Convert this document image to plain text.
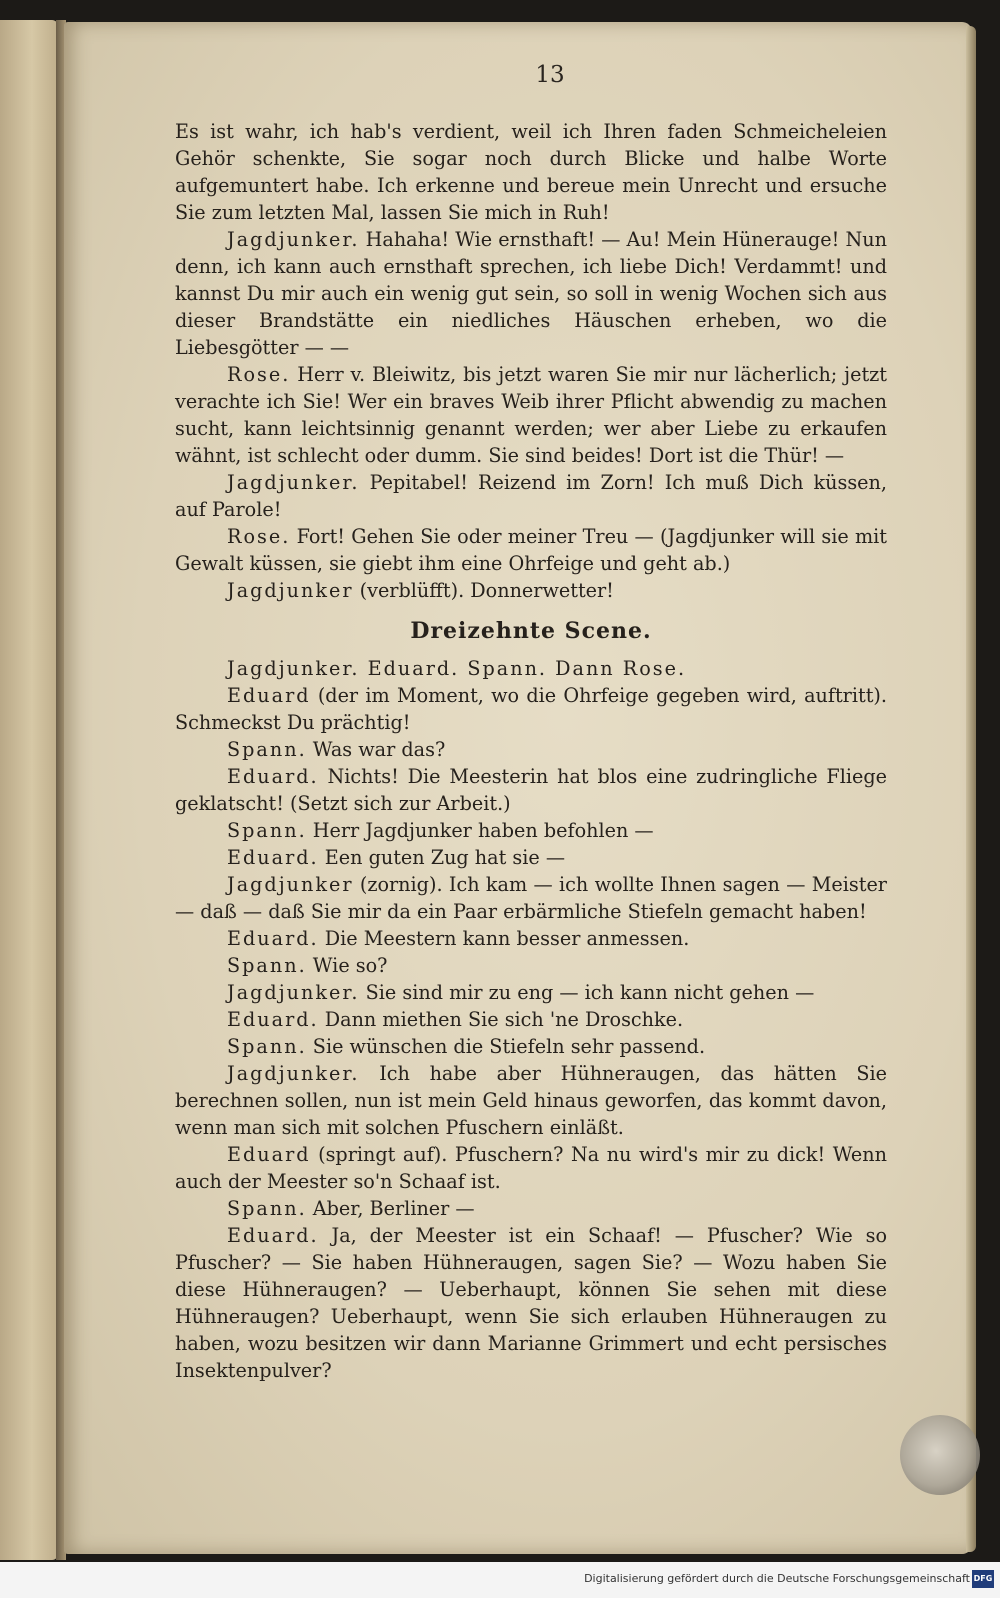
13

Es ist wahr, ich hab's verdient, weil ich Ihren faden Schmeicheleien Gehör schenkte, Sie sogar noch durch Blicke und halbe Worte aufgemuntert habe. Ich erkenne und bereue mein Unrecht und ersuche Sie zum letzten Mal, lassen Sie mich in Ruh!

Jagdjunker. Hahaha! Wie ernsthaft! — Au! Mein Hüneraugе! Nun denn, ich kann auch ernsthaft sprechen, ich liebe Dich! Verdammt! und kannst Du mir auch ein wenig gut sein, so soll in wenig Wochen sich aus dieser Brandstätte ein niedliches Häuschen erheben, wo die Liebesgötter — —

Rose. Herr v. Bleiwitz, bis jetzt waren Sie mir nur lächerlich; jetzt verachte ich Sie! Wer ein braves Weib ihrer Pflicht abwendig zu machen sucht, kann leichtsinnig genannt werden; wer aber Liebe zu erkaufen wähnt, ist schlecht oder dumm. Sie sind beides! Dort ist die Thür! —

Jagdjunker. Pepitabel! Reizend im Zorn! Ich muß Dich küssen, auf Parole!

Rose. Fort! Gehen Sie oder meiner Treu — (Jagdjunker will sie mit Gewalt küssen, sie giebt ihm eine Ohrfeige und geht ab.)

Jagdjunker (verblüfft). Donnerwetter!

Dreizehnte Scene.

Jagdjunker. Eduard. Spann. Dann Rose.

Eduard (der im Moment, wo die Ohrfeige gegeben wird, auftritt). Schmeckst Du prächtig!

Spann. Was war das?

Eduard. Nichts! Die Meesterin hat blos eine zudringliche Fliege geklatscht! (Setzt sich zur Arbeit.)

Spann. Herr Jagdjunker haben befohlen —

Eduard. Een guten Zug hat sie —

Jagdjunker (zornig). Ich kam — ich wollte Ihnen sagen — Meister — daß — daß Sie mir da ein Paar erbärmliche Stiefeln gemacht haben!

Eduard. Die Meestern kann besser anmessen.

Spann. Wie so?

Jagdjunker. Sie sind mir zu eng — ich kann nicht gehen —

Eduard. Dann miethen Sie sich 'ne Droschke.

Spann. Sie wünschen die Stiefeln sehr passend.

Jagdjunker. Ich habe aber Hühneraugen, das hätten Sie berechnen sollen, nun ist mein Geld hinaus geworfen, das kommt davon, wenn man sich mit solchen Pfuschern einläßt.

Eduard (springt auf). Pfuschern? Na nu wird's mir zu dick! Wenn auch der Meester so'n Schaaf ist.

Spann. Aber, Berliner —

Eduard. Ja, der Meester ist ein Schaaf! — Pfuscher? Wie so Pfuscher? — Sie haben Hühneraugen, sagen Sie? — Wozu haben Sie diese Hühneraugen? — Ueberhaupt, können Sie sehen mit diese Hühneraugen? Ueberhaupt, wenn Sie sich erlauben Hühneraugen zu haben, wozu besitzen wir dann Marianne Grimmert und echt persisches Insektenpulver?

Digitalisierung gefördert durch die Deutsche Forschungsgemeinschaft DFG
